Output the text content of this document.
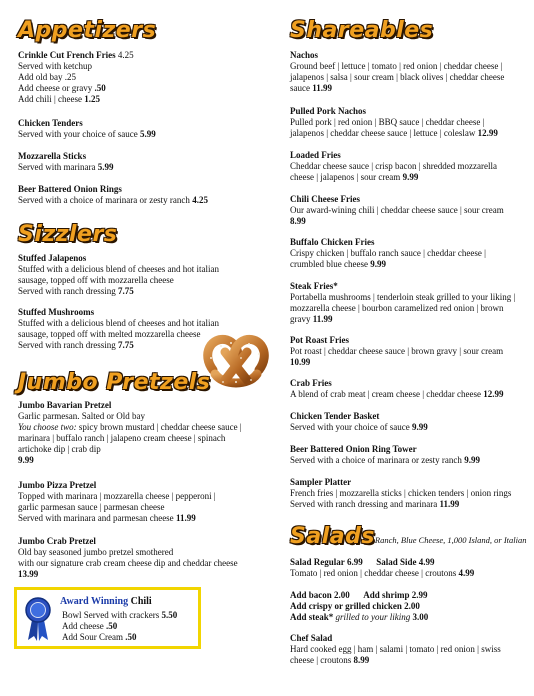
Appetizers
Crinkle Cut French Fries 4.25
Served with ketchup
Add old bay .25
Add cheese or gravy .50
Add chili | cheese 1.25
Chicken Tenders
Served with your choice of sauce 5.99
Mozzarella Sticks
Served with marinara 5.99
Beer Battered Onion Rings
Served with a choice of marinara or zesty ranch 4.25
Sizzlers
Stuffed Jalapenos
Stuffed with a delicious blend of cheeses and hot italian
sausage, topped off with mozzarella cheese
Served with ranch dressing 7.75
Stuffed Mushrooms
Stuffed with a delicious blend of cheeses and hot italian
sausage, topped off with melted mozzarella cheese
Served with ranch dressing 7.75
Jumbo Pretzels
Jumbo Bavarian Pretzel
Garlic parmesan. Salted or Old bay
You choose two: spicy brown mustard | cheddar cheese sauce |
marinara | buffalo ranch | jalapeno cream cheese | spinach
artichoke dip | crab dip
9.99
Jumbo Pizza Pretzel
Topped with marinara | mozzarella cheese | pepperoni |
garlic parmesan sauce | parmesan cheese
Served with marinara and parmesan cheese 11.99
Jumbo Crab Pretzel
Old bay seasoned jumbo pretzel smothered
with our signature crab cream cheese dip and cheddar cheese
13.99
Award Winning Chili
Bowl Served with crackers 5.50
Add cheese .50
Add Sour Cream .50
Shareables
Nachos
Ground beef | lettuce | tomato | red onion | cheddar cheese |
jalapenos | salsa | sour cream | black olives | cheddar cheese
sauce 11.99
Pulled Pork Nachos
Pulled pork | red onion | BBQ sauce | cheddar cheese |
jalapenos | cheddar cheese sauce | lettuce | coleslaw 12.99
Loaded Fries
Cheddar cheese sauce | crisp bacon | shredded mozzarella
cheese | jalapenos | sour cream 9.99
Chili Cheese Fries
Our award-wining chili | cheddar cheese sauce | sour cream
8.99
Buffalo Chicken Fries
Crispy chicken | buffalo ranch sauce | cheddar cheese |
crumbled blue cheese 9.99
Steak Fries*
Portabella mushrooms | tenderloin steak grilled to your liking |
mozzarella cheese | bourbon caramelized red onion | brown
gravy 11.99
Pot Roast Fries
Pot roast | cheddar cheese sauce | brown gravy | sour cream
10.99
Crab Fries
A blend of crab meat | cream cheese | cheddar cheese 12.99
Chicken Tender Basket
Served with your choice of sauce 9.99
Beer Battered Onion Ring Tower
Served with a choice of marinara or zesty ranch 9.99
Sampler Platter
French fries | mozzarella sticks | chicken tenders | onion rings
Served with ranch dressing and marinara 11.99
SaladsRanch, Blue Cheese, 1,000 Island, or Italian
Salad Regular 6.99 Salad Side 4.99
Tomato | red onion | cheddar cheese | croutons 4.99
Add bacon 2.00 Add shrimp 2.99
Add crispy or grilled chicken 2.00
Add steak* grilled to your liking 3.00
Chef Salad
Hard cooked egg | ham | salami | tomato | red onion | swiss
cheese | croutons 8.99
